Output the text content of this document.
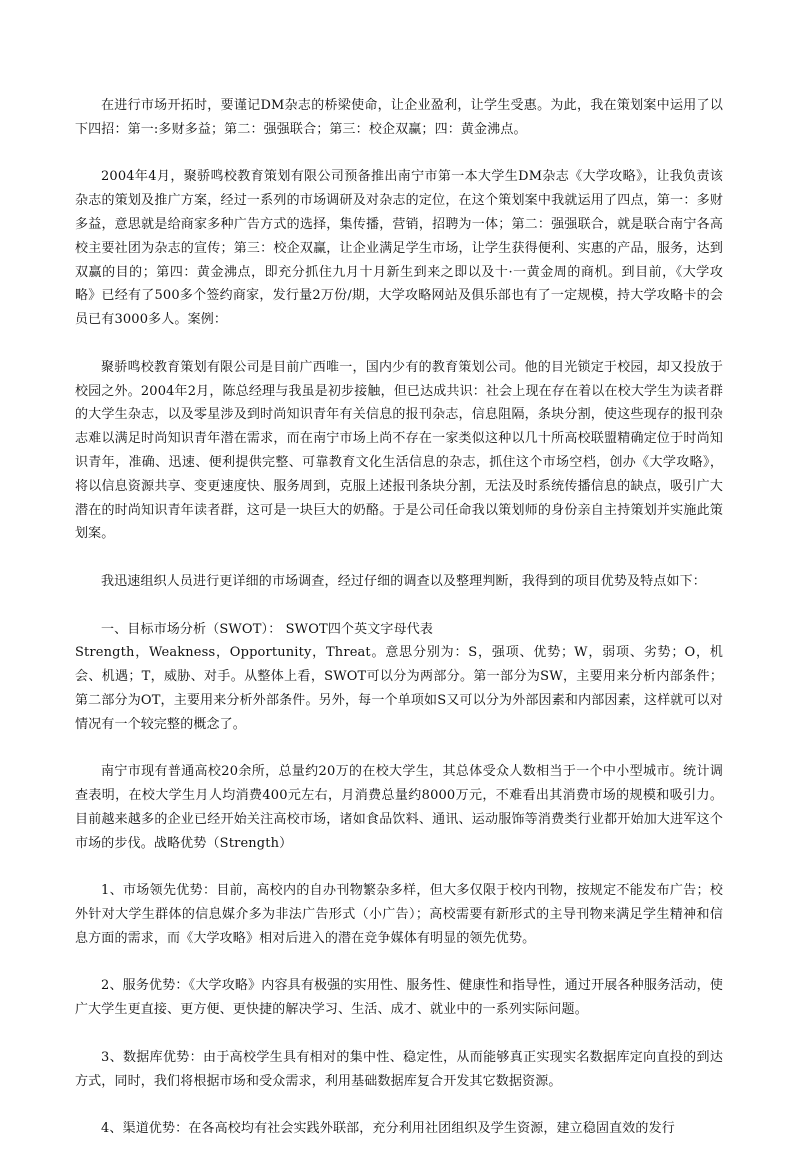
在进行市场开拓时，要谨记DM杂志的桥梁使命，让企业盈利，让学生受惠。为此，我在策划案中运用了以下四招：第一:多财多益；第二：强强联合；第三：校企双赢；四：黄金沸点。

2004年4月，聚骄鸣校教育策划有限公司预备推出南宁市第一本大学生DM杂志《大学攻略》，让我负责该杂志的策划及推广方案，经过一系列的市场调研及对杂志的定位，在这个策划案中我就运用了四点，第一：多财多益，意思就是给商家多种广告方式的选择，集传播，营销，招聘为一体；第二：强强联合，就是联合南宁各高校主要社团为杂志的宣传；第三：校企双赢，让企业满足学生市场，让学生获得便利、实惠的产品，服务，达到双赢的目的；第四：黄金沸点，即充分抓住九月十月新生到来之即以及十·一黄金周的商机。到目前，《大学攻略》已经有了500多个签约商家，发行量2万份/期，大学攻略网站及俱乐部也有了一定规模，持大学攻略卡的会员已有3000多人。案例：

聚骄鸣校教育策划有限公司是目前广西唯一，国内少有的教育策划公司。他的目光锁定于校园，却又投放于校园之外。2004年2月，陈总经理与我虽是初步接触，但已达成共识：社会上现在存在着以在校大学生为读者群的大学生杂志，以及零星涉及到时尚知识青年有关信息的报刊杂志，信息阻隔，条块分割，使这些现存的报刊杂志难以满足时尚知识青年潜在需求，而在南宁市场上尚不存在一家类似这种以几十所高校联盟精确定位于时尚知识青年，准确、迅速、便利提供完整、可靠教育文化生活信息的杂志，抓住这个市场空档，创办《大学攻略》，将以信息资源共享、变更速度快、服务周到，克服上述报刊条块分割，无法及时系统传播信息的缺点，吸引广大潜在的时尚知识青年读者群，这可是一块巨大的奶酪。于是公司任命我以策划师的身份亲自主持策划并实施此策划案。

我迅速组织人员进行更详细的市场调查，经过仔细的调查以及整理判断，我得到的项目优势及特点如下：

一、目标市场分析（SWOT）： SWOT四个英文字母代表

Strength，Weakness，Opportunity，Threat。意思分别为：S，强项、优势；W，弱项、劣势；O，机会、机遇；T，威胁、对手。从整体上看，SWOT可以分为两部分。第一部分为SW，主要用来分析内部条件；第二部分为OT，主要用来分析外部条件。另外，每一个单项如S又可以分为外部因素和内部因素，这样就可以对情况有一个较完整的概念了。

南宁市现有普通高校20余所，总量约20万的在校大学生，其总体受众人数相当于一个中小型城市。统计调查表明，在校大学生月人均消费400元左右，月消费总量约8000万元，不难看出其消费市场的规模和吸引力。目前越来越多的企业已经开始关注高校市场，诸如食品饮料、通讯、运动服饰等消费类行业都开始加大进军这个市场的步伐。战略优势（Strength）

1、市场领先优势：目前，高校内的自办刊物繁杂多样，但大多仅限于校内刊物，按规定不能发布广告；校外针对大学生群体的信息媒介多为非法广告形式（小广告）；高校需要有新形式的主导刊物来满足学生精神和信息方面的需求，而《大学攻略》相对后进入的潜在竞争媒体有明显的领先优势。

2、服务优势：《大学攻略》内容具有极强的实用性、服务性、健康性和指导性，通过开展各种服务活动，使广大学生更直接、更方便、更快捷的解决学习、生活、成才、就业中的一系列实际问题。

3、数据库优势：由于高校学生具有相对的集中性、稳定性，从而能够真正实现实名数据库定向直投的到达方式，同时，我们将根据市场和受众需求，利用基础数据库复合开发其它数据资源。

4、渠道优势：在各高校均有社会实践外联部，充分利用社团组织及学生资源，建立稳固直效的发行
